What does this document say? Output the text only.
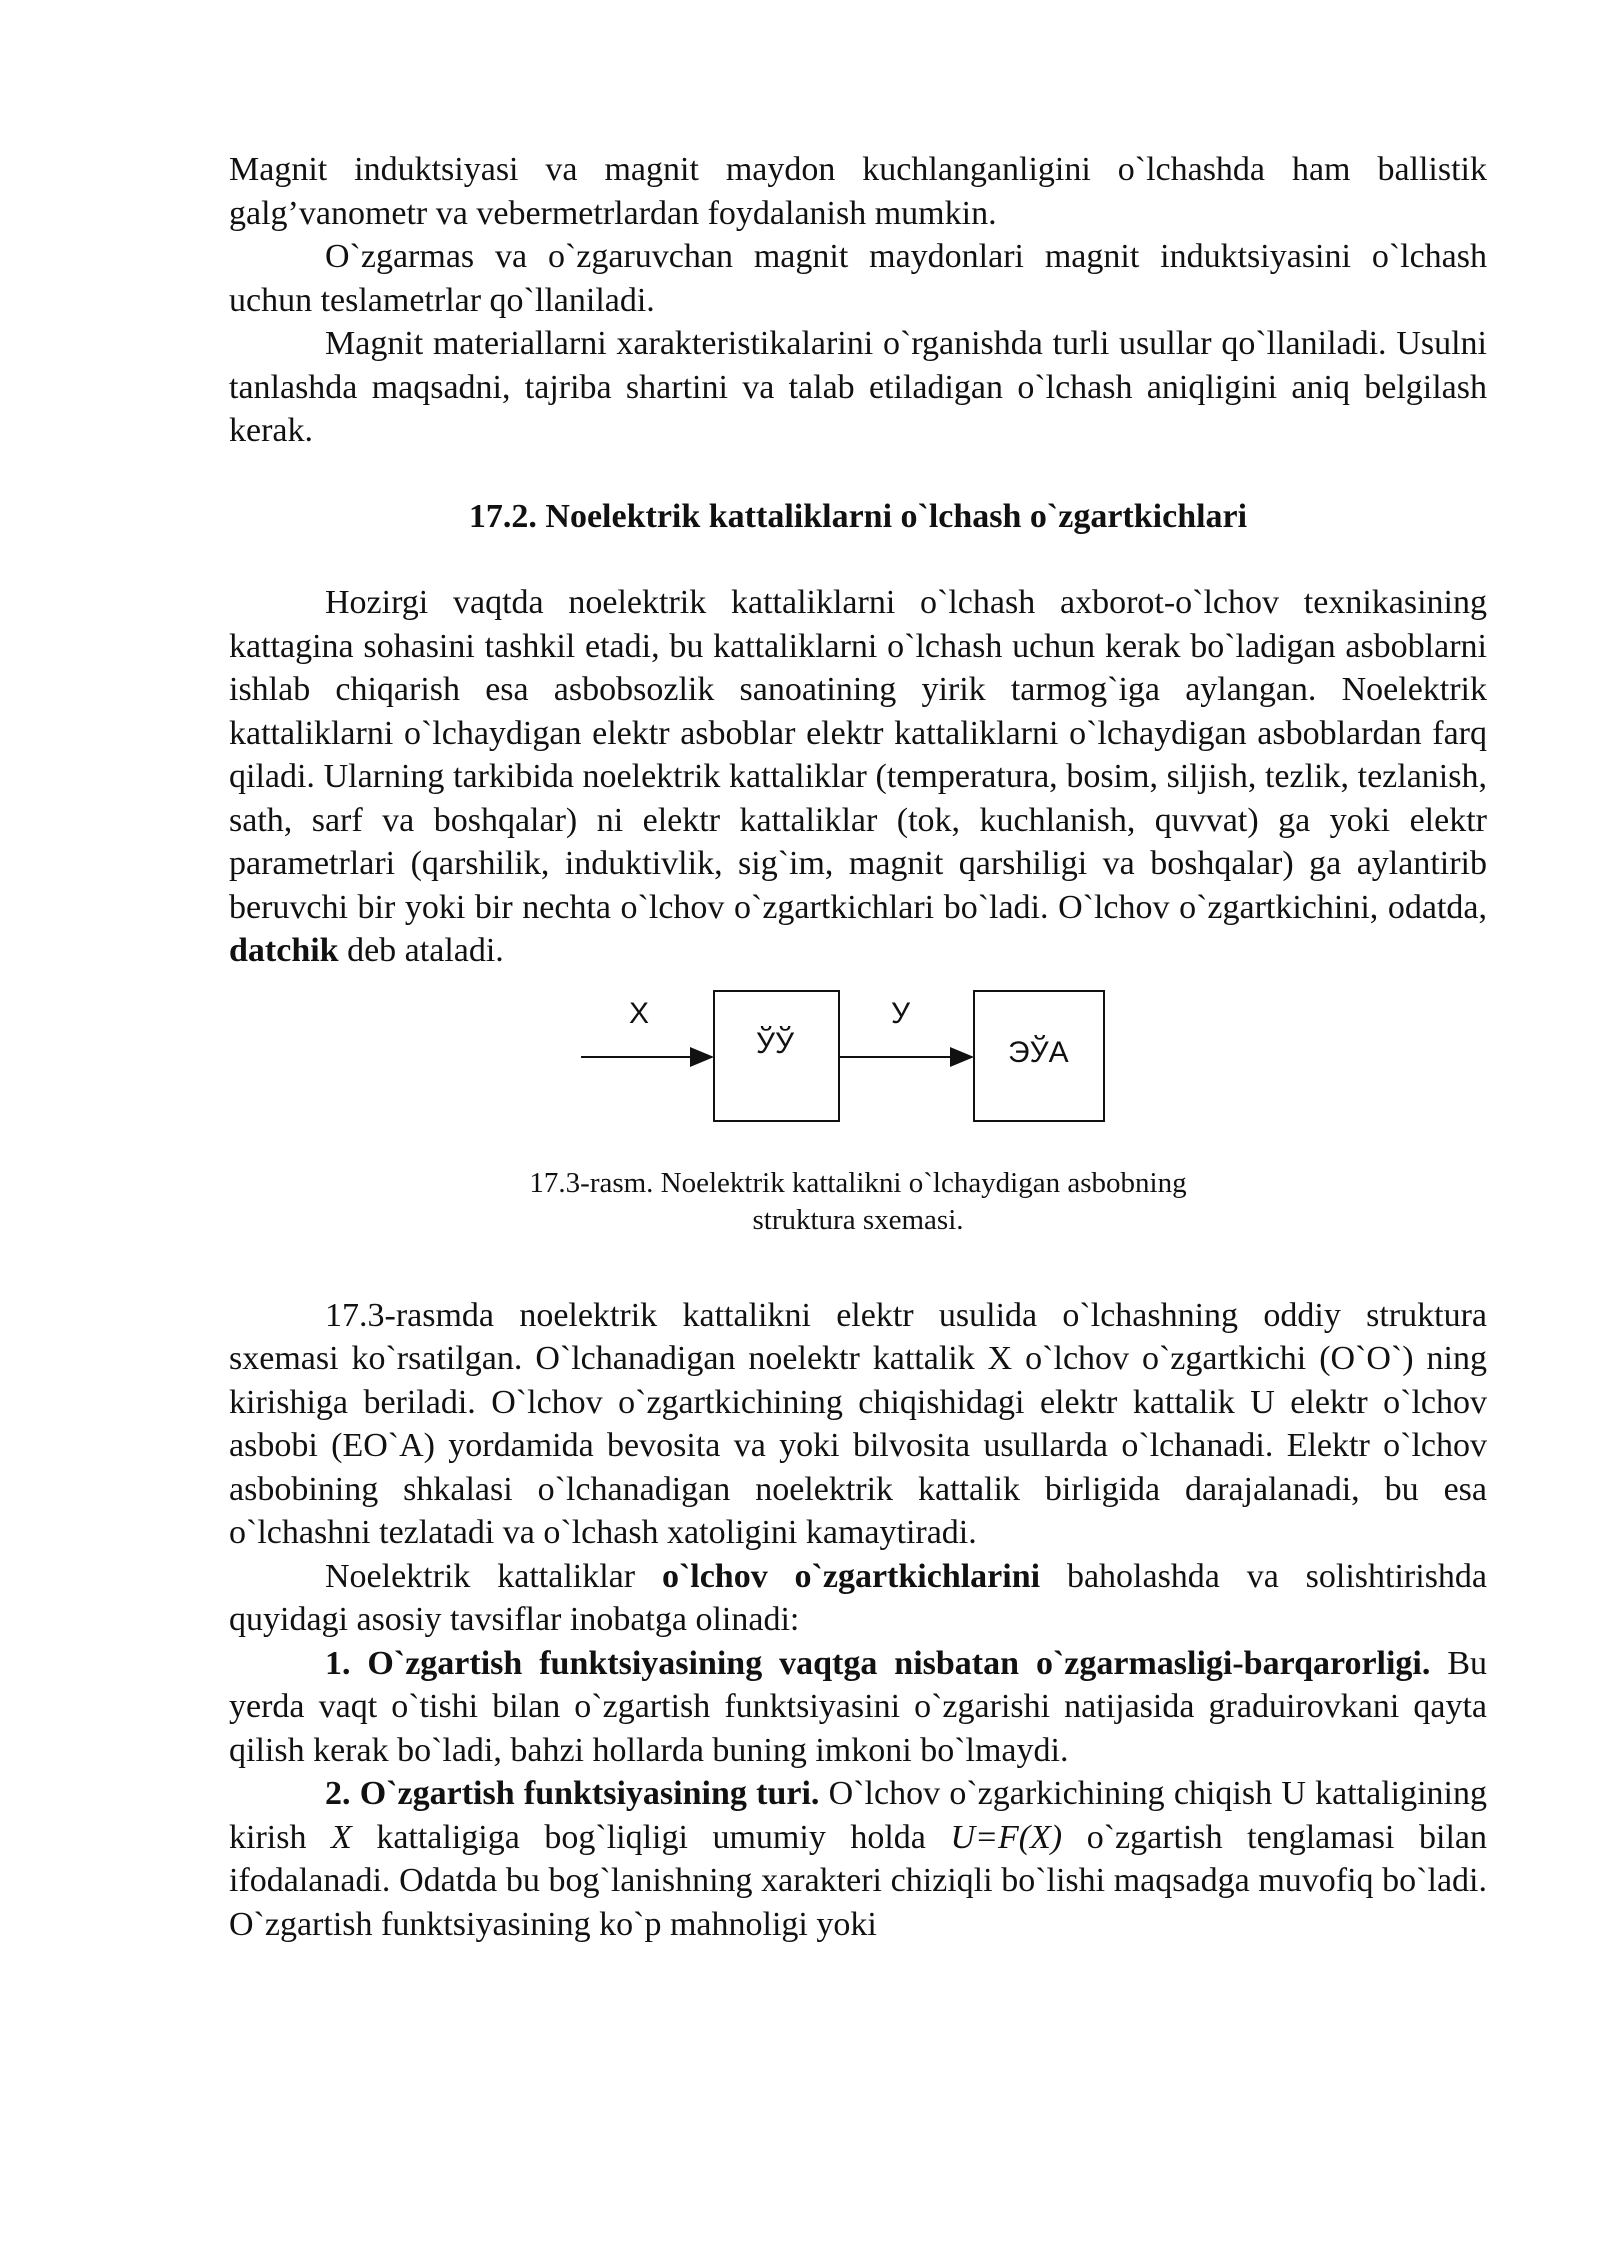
Magnit induktsiyasi va magnit maydon kuchlanganligini o`lchashda ham ballistik galg’vanometr va vebermetrlardan foydalanish mumkin.

O`zgarmas va o`zgaruvchan magnit maydonlari magnit induktsiyasini o`lchash uchun teslametrlar qo`llaniladi.

Magnit materiallarni xarakteristikalarini o`rganishda turli usullar qo`llaniladi. Usulni tanlashda maqsadni, tajriba shartini va talab etiladigan o`lchash aniqligini aniq belgilash kerak.

17.2. Noelektrik kattaliklarni o`lchash o`zgartkichlari

Hozirgi vaqtda noelektrik kattaliklarni o`lchash axborot-o`lchov texnikasining kattagina sohasini tashkil etadi, bu kattaliklarni o`lchash uchun kerak bo`ladigan asboblarni ishlab chiqarish esa asbobsozlik sanoatining yirik tarmog`iga aylangan. Noelektrik kattaliklarni o`lchaydigan elektr asboblar elektr kattaliklarni o`lchaydigan asboblardan farq qiladi. Ularning tarkibida noelektrik kattaliklar (temperatura, bosim, siljish, tezlik, tezlanish, sath, sarf va boshqalar) ni elektr kattaliklar (tok, kuchlanish, quvvat) ga yoki elektr parametrlari (qarshilik, induktivlik, sig`im, magnit qarshiligi va boshqalar) ga aylantirib beruvchi bir yoki bir nechta o`lchov o`zgartkichlari bo`ladi. O`lchov o`zgartkichini, odatda, datchik deb ataladi.

X
ЎЎ
У
ЭЎА

17.3-rasm. Noelektrik kattalikni o`lchaydigan asbobning
struktura sxemasi.

17.3-rasmda noelektrik kattalikni elektr usulida o`lchashning oddiy struktura sxemasi ko`rsatilgan. O`lchanadigan noelektr kattalik X o`lchov o`zgartkichi (O`O`) ning kirishiga beriladi. O`lchov o`zgartkichining chiqishidagi elektr kattalik U elektr o`lchov asbobi (EO`A) yordamida bevosita va yoki bilvosita usullarda o`lchanadi. Elektr o`lchov asbobining shkalasi o`lchanadigan noelektrik kattalik birligida darajalanadi, bu esa o`lchashni tezlatadi va o`lchash xatoligini kamaytiradi.

Noelektrik kattaliklar o`lchov o`zgartkichlarini baholashda va solishtirishda quyidagi asosiy tavsiflar inobatga olinadi:

1. O`zgartish funktsiyasining vaqtga nisbatan o`zgarmasligi-barqarorligi. Bu yerda vaqt o`tishi bilan o`zgartish funktsiyasini o`zgarishi natijasida graduirovkani qayta qilish kerak bo`ladi, bahzi hollarda buning imkoni bo`lmaydi.

2. O`zgartish funktsiyasining turi. O`lchov o`zgarkichining chiqish U kattaligining kirish X kattaligiga bog`liqligi umumiy holda U=F(X) o`zgartish tenglamasi bilan ifodalanadi. Odatda bu bog`lanishning xarakteri chiziqli bo`lishi maqsadga muvofiq bo`ladi. O`zgartish funktsiyasining ko`p mahnoligi yoki
